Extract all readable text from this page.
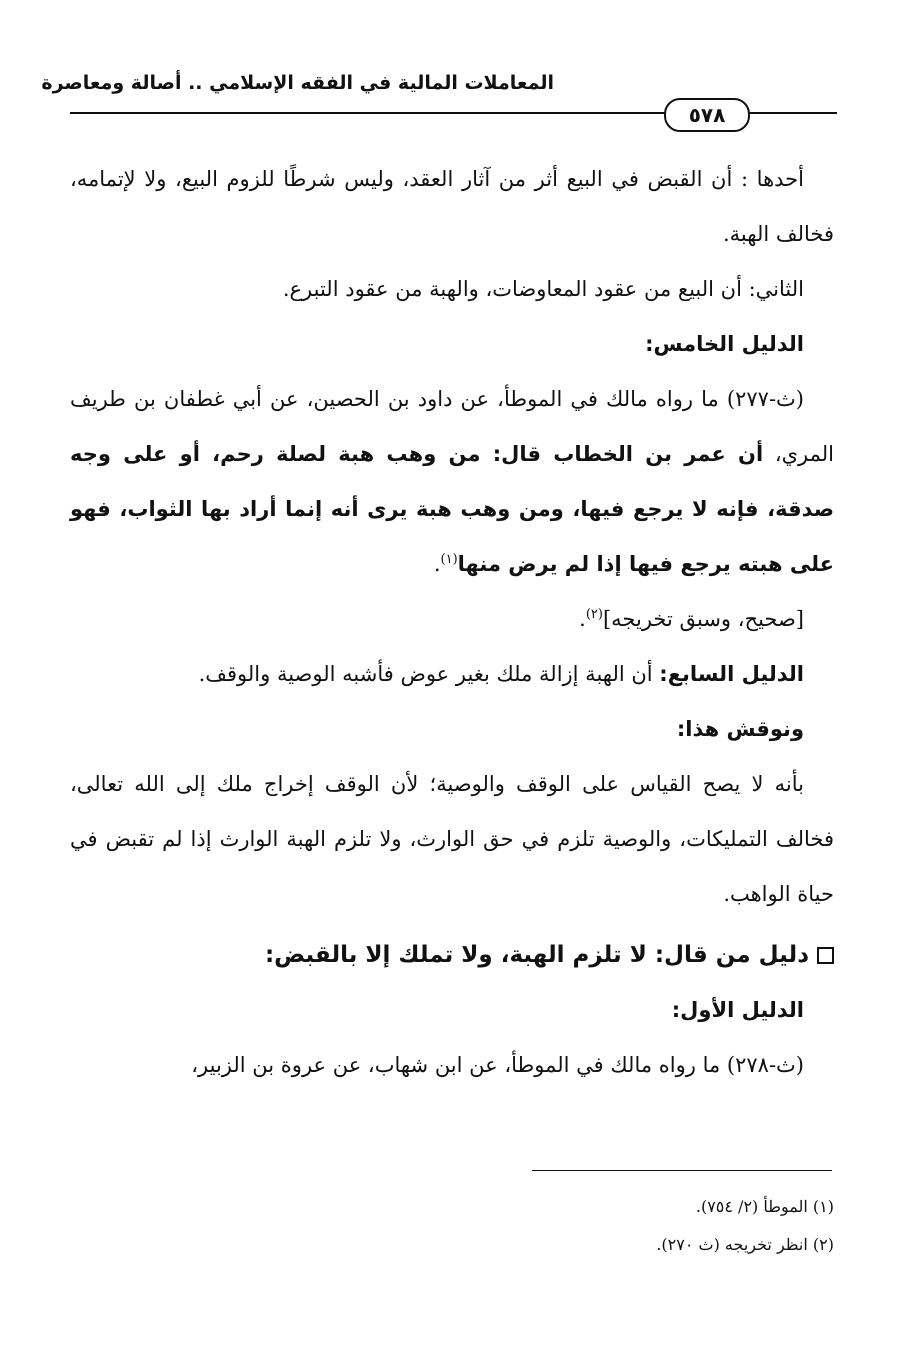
المعاملات المالية في الفقه الإسلامي .. أصالة ومعاصرة
٥٧٨

أحدها : أن القبض في البيع أثر من آثار العقد، وليس شرطًا للزوم البيع، ولا لإتمامه، فخالف الهبة.

الثاني: أن البيع من عقود المعاوضات، والهبة من عقود التبرع.

الدليل الخامس:

(ث-٢٧٧) ما رواه مالك في الموطأ، عن داود بن الحصين، عن أبي غطفان بن طريف المري، أن عمر بن الخطاب قال: من وهب هبة لصلة رحم، أو على وجه صدقة، فإنه لا يرجع فيها، ومن وهب هبة يرى أنه إنما أراد بها الثواب، فهو على هبته يرجع فيها إذا لم يرض منها$^{(١)}$.

[صحيح، وسبق تخريجه]$^{(٢)}$.

الدليل السابع: أن الهبة إزالة ملك بغير عوض فأشبه الوصية والوقف.

ونوقش هذا:

بأنه لا يصح القياس على الوقف والوصية؛ لأن الوقف إخراج ملك إلى الله تعالى، فخالف التمليكات، والوصية تلزم في حق الوارث، ولا تلزم الهبة الوارث إذا لم تقبض في حياة الواهب.

دليل من قال: لا تلزم الهبة، ولا تملك إلا بالقبض:

الدليل الأول:

(ث-٢٧٨) ما رواه مالك في الموطأ، عن ابن شهاب، عن عروة بن الزبير،

(١) الموطأ (٢/ ٧٥٤).

(٢) انظر تخريجه (ث ٢٧٠).
